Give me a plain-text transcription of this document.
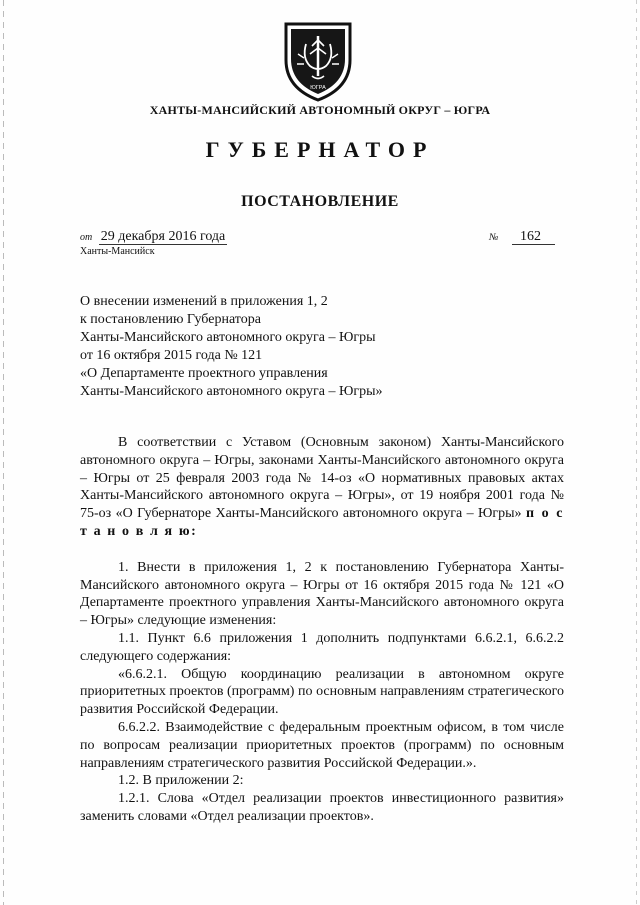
ЮГРА
ХАНТЫ-МАНСИЙСКИЙ АВТОНОМНЫЙ ОКРУГ – ЮГРА
ГУБЕРНАТОР
ПОСТАНОВЛЕНИЕ
от 29 декабря 2016 года	№ 162
Ханты-Мансийск
О внесении изменений в приложения 1, 2
к постановлению Губернатора
Ханты-Мансийского автономного округа – Югры
от 16 октября 2015 года № 121
«О Департаменте проектного управления
Ханты-Мансийского автономного округа – Югры»

В соответствии с Уставом (Основным законом) Ханты-Мансийского автономного округа – Югры, законами Ханты-Мансийского автономного округа – Югры от 25 февраля 2003 года № 14-оз «О нормативных правовых актах Ханты-Мансийского автономного округа – Югры», от 19 ноября 2001 года № 75-оз «О Губернаторе Ханты-Мансийского автономного округа – Югры» п о с т а н о в л я ю:

1. Внести в приложения 1, 2 к постановлению Губернатора Ханты-Мансийского автономного округа – Югры от 16 октября 2015 года № 121 «О Департаменте проектного управления Ханты-Мансийского автономного округа – Югры» следующие изменения:

1.1. Пункт 6.6 приложения 1 дополнить подпунктами 6.6.2.1, 6.6.2.2 следующего содержания:

«6.6.2.1. Общую координацию реализации в автономном округе приоритетных проектов (программ) по основным направлениям стратегического развития Российской Федерации.

6.6.2.2. Взаимодействие с федеральным проектным офисом, в том числе по вопросам реализации приоритетных проектов (программ) по основным направлениям стратегического развития Российской Федерации.».

1.2. В приложении 2:

1.2.1. Слова «Отдел реализации проектов инвестиционного развития» заменить словами «Отдел реализации проектов».
